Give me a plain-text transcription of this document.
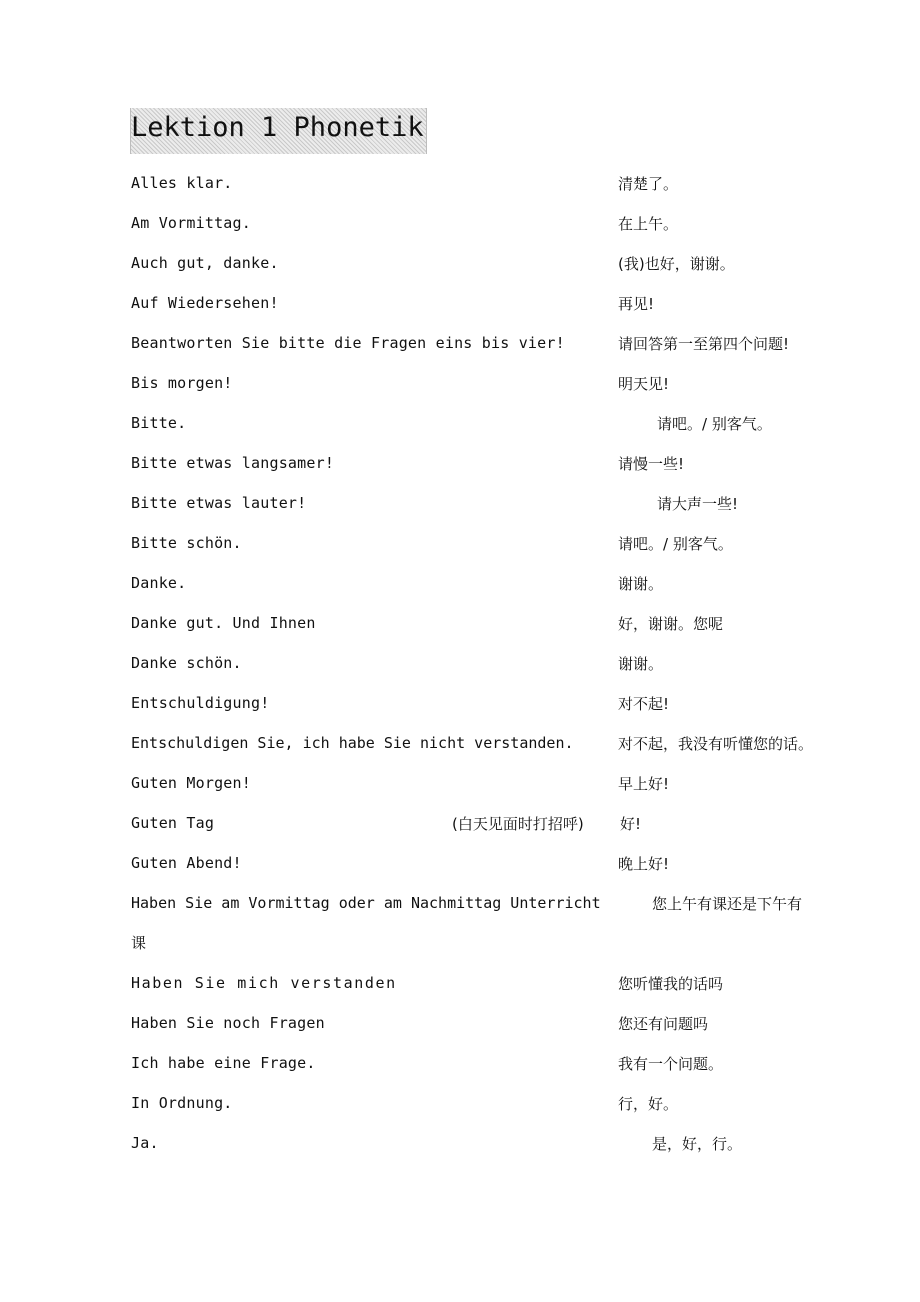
Lektion 1 Phonetik
Alles klar.	清楚了。
Am Vormittag.	在上午。
Auch gut, danke.	(我)也好，谢谢。
Auf Wiedersehen!	再见!
Beantworten Sie bitte die Fragen eins bis vier!	请回答第一至第四个问题!
Bis morgen!	明天见!
Bitte.	请吧。/ 别客气。
Bitte etwas langsamer!	请慢一些!
Bitte etwas lauter!	请大声一些!
Bitte schön.	请吧。/ 别客气。
Danke.	谢谢。
Danke gut. Und Ihnen	好，谢谢。您呢
Danke schön.	谢谢。
Entschuldigung!	对不起!
Entschuldigen Sie, ich habe Sie nicht verstanden.	对不起，我没有听懂您的话。
Guten Morgen!	早上好!
Guten Tag	(白天见面时打招呼) 好!
Guten Abend!	晚上好!
Haben Sie am Vormittag oder am Nachmittag Unterricht	您上午有课还是下午有
课
Haben Sie mich verstanden	您听懂我的话吗
Haben Sie noch Fragen	您还有问题吗
Ich habe eine Frage.	我有一个问题。
In Ordnung.	行，好。
Ja.	是，好，行。
